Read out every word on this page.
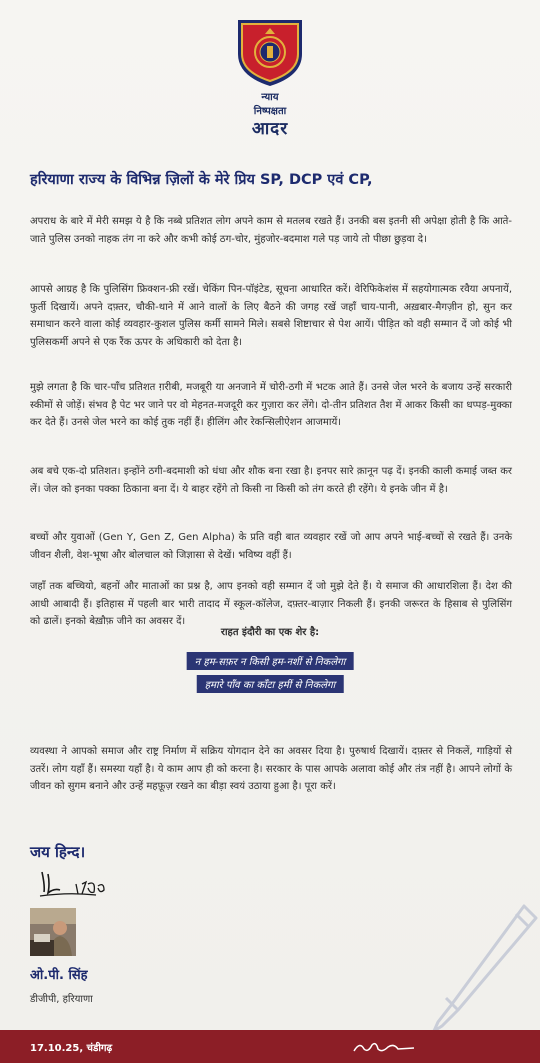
न्याय
निष्पक्षता
आदर
हरियाणा राज्य के विभिन्न ज़िलों के मेरे प्रिय SP, DCP एवं CP,

अपराध के बारे में मेरी समझ ये है कि नब्बे प्रतिशत लोग अपने काम से मतलब रखते हैं। उनकी बस इतनी सी अपेक्षा होती है कि आते-जाते पुलिस उनको नाहक तंग ना करे और कभी कोई ठग-चोर, मुंहजोर-बदमाश गले पड़ जाये तो पीछा छुड़वा दे।

आपसे आग्रह है कि पुलिसिंग फ्रिक्शन-फ्री रखें। चेकिंग पिन-पॉइंटेड, सूचना आधारित करें। वेरिफिकेशंस में सहयोगात्मक रवैया अपनायें, फुर्ती दिखायें। अपने दफ़्तर, चौकी-थाने में आने वालों के लिए बैठने की जगह रखें जहाँ चाय-पानी, अख़बार-मैगज़ीन हो, सुन कर समाधान करने वाला कोई व्यवहार-कुशल पुलिस कर्मी सामने मिले। सबसे शिष्टाचार से पेश आयें। पीड़ित को वही सम्मान दें जो कोई भी पुलिसकर्मी अपने से एक रैंक ऊपर के अधिकारी को देता है।

मुझे लगता है कि चार-पाँच प्रतिशत ग़रीबी, मजबूरी या अनजाने में चोरी-ठगी में भटक आते हैं। उनसे जेल भरने के बजाय उन्हें सरकारी स्कीमों से जोड़ें। संभव है पेट भर जाने पर वो मेहनत-मजदूरी कर गुज़ारा कर लेंगे। दो-तीन प्रतिशत तैश में आकर किसी का धप्पड़-मुक्का कर देते हैं। उनसे जेल भरने का कोई तुक नहीं हैं। हीलिंग और रेकन्सिलीऐशन आजमायें।

अब बचे एक-दो प्रतिशत। इन्होंने ठगी-बदमाशी को धंधा और शौक बना रखा है। इनपर सारे क़ानून पढ़ दें। इनकी काली कमाई जब्त कर लें। जेल को इनका पक्का ठिकाना बना दें। ये बाहर रहेंगे तो किसी ना किसी को तंग करते ही रहेंगे। ये इनके जीन में है।

बच्चों और युवाओं (Gen Y, Gen Z, Gen Alpha) के प्रति वही बात व्यवहार रखें जो आप अपने भाई-बच्चों से रखते हैं। उनके जीवन शैली, वेश-भूषा और बोलचाल को जिज्ञासा से देखें। भविष्य वहीं हैं।

जहाँ तक बच्चियो, बहनों और माताओं का प्रश्न है, आप इनको वही सम्मान दें जो मुझे देते हैं। ये समाज की आधारशिला हैं। देश की आधी आबादी हैं। इतिहास में पहली बार भारी तादाद में स्कूल-कॉलेज, दफ़्तर-बाज़ार निकली हैं। इनकी जरूरत के हिसाब से पुलिसिंग को ढालें। इनको बेख़ौफ़ जीने का अवसर दें।

राहत इंदौरी का एक शेर है:
न हम-सफ़र न किसी हम-नशीं से निकलेगा
हमारे पाँव का काँटा हमीं से निकलेगा

व्यवस्था ने आपको समाज और राष्ट्र निर्माण में सक्रिय योगदान देने का अवसर दिया है। पुरुषार्थ दिखायें। दफ़्तर से निकलें, गाड़ियों से उतरें। लोग यहाँ हैं। समस्या यहाँ है। ये काम आप ही को करना है। सरकार के पास आपके अलावा कोई और तंत्र नहीं है। आपने लोगों के जीवन को सुगम बनाने और उन्हें महफ़ूज़ रखने का बीड़ा स्वयं उठाया हुआ है। पूरा करें।

जय हिन्द।
ओ.पी. सिंह
डीजीपी, हरियाणा
17.10.25, चंडीगढ़
